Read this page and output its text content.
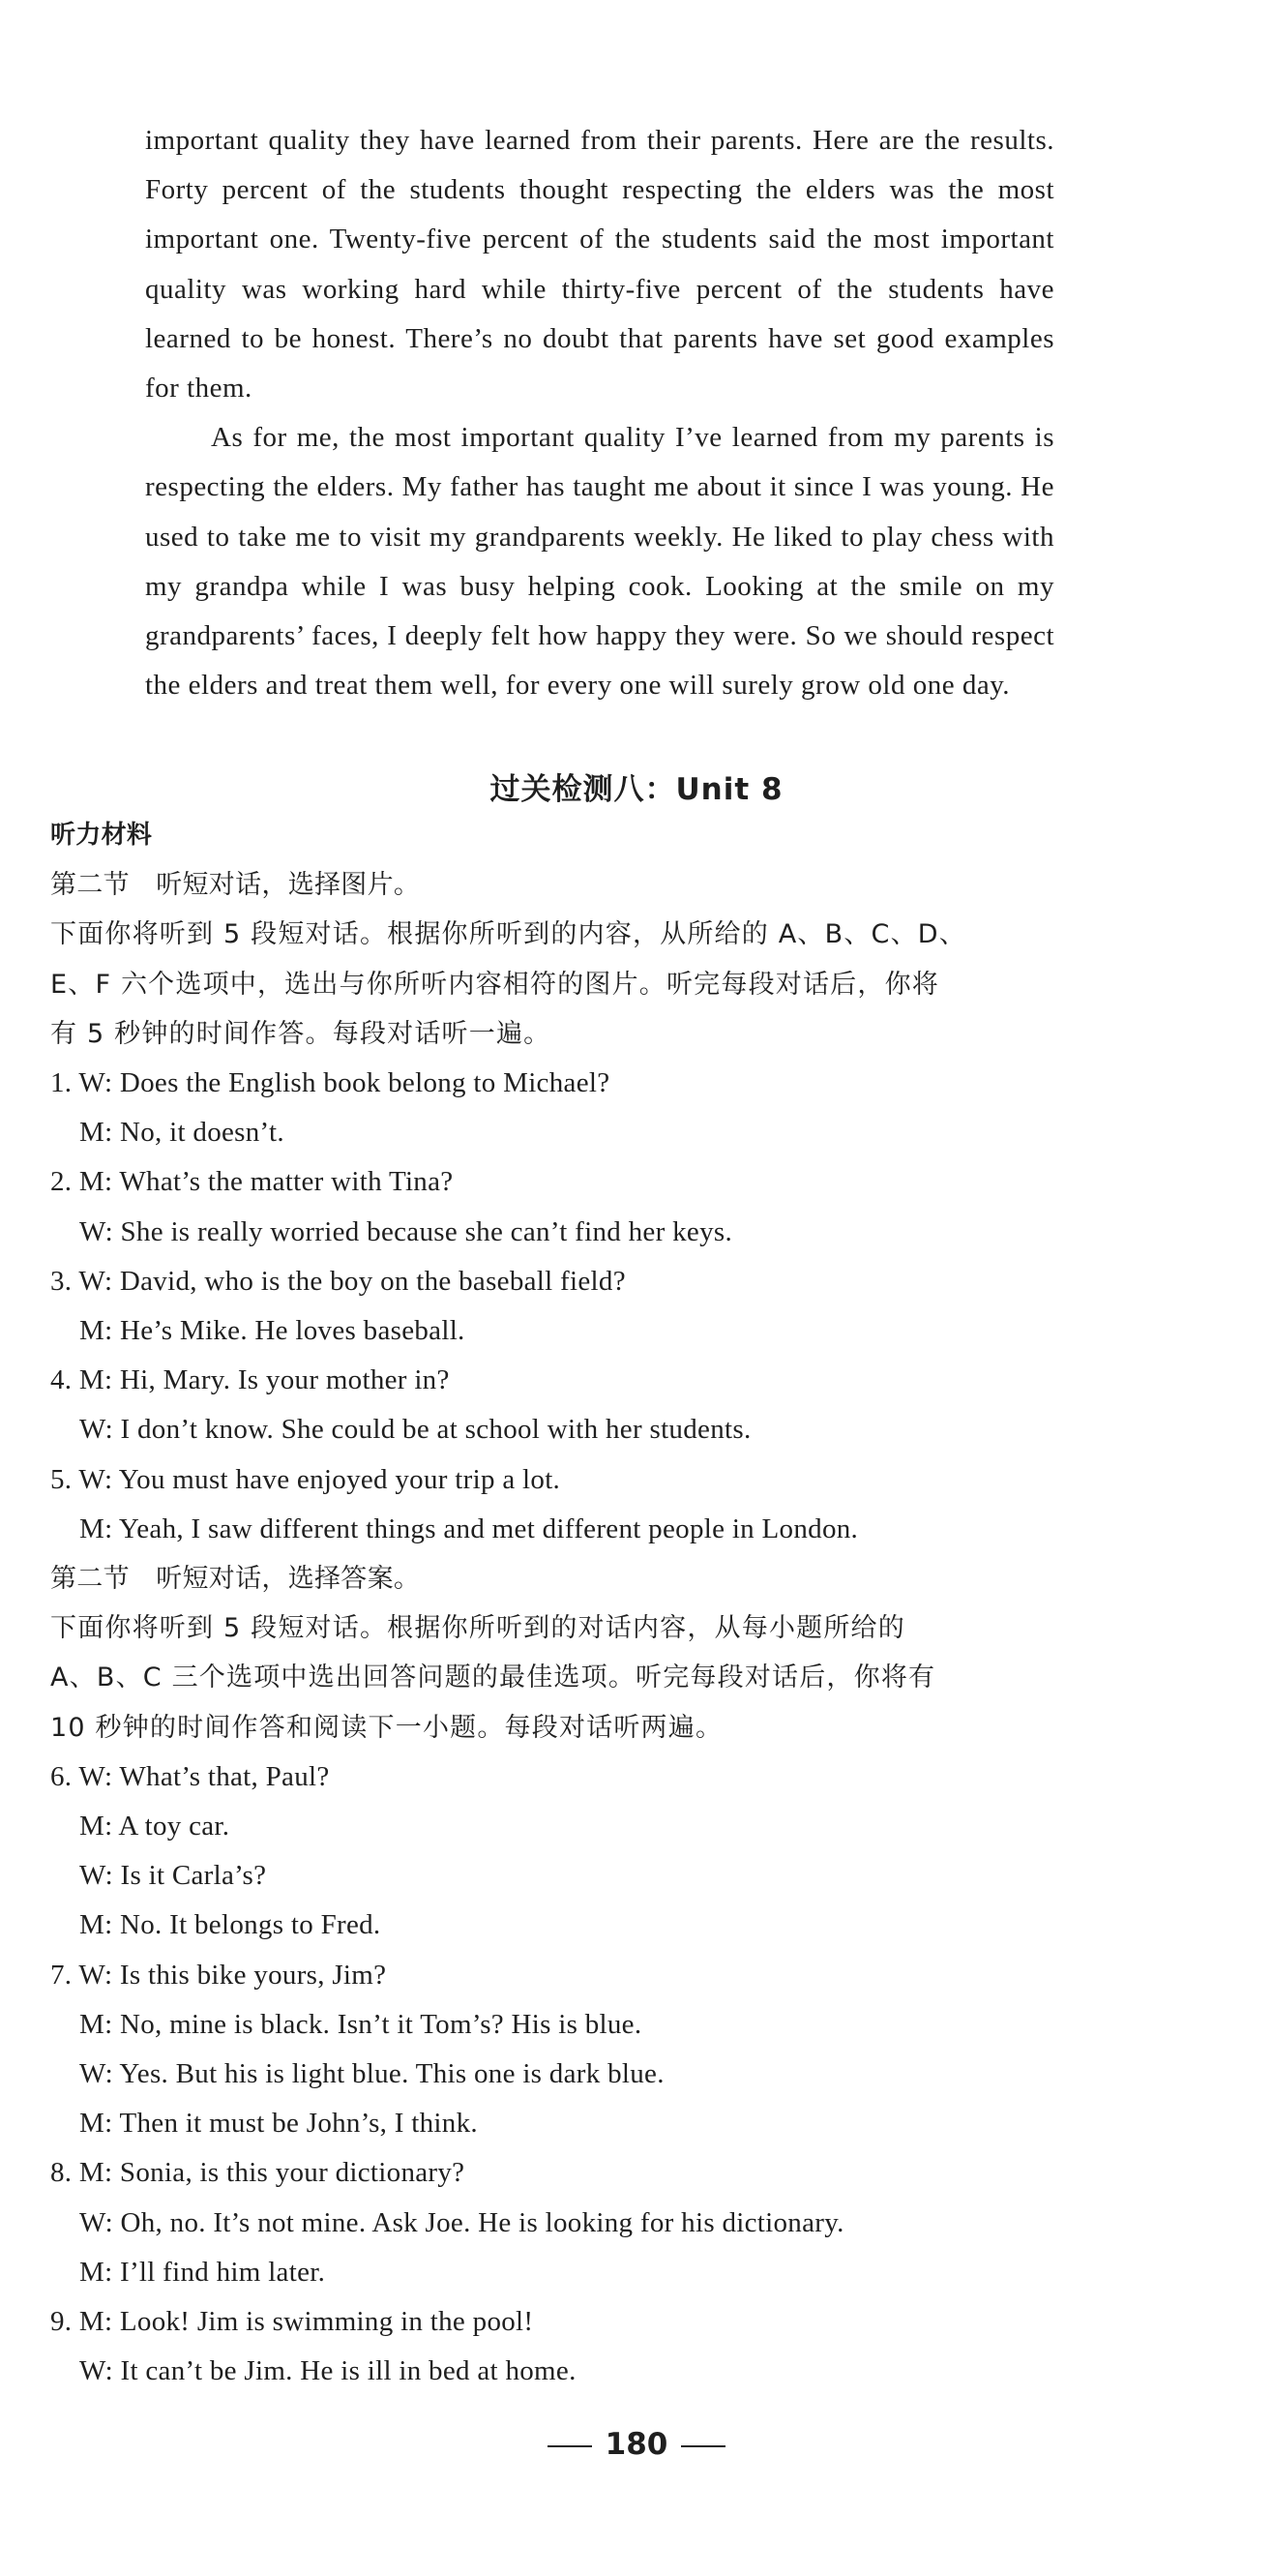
important quality they have learned from their parents. Here are the results. Forty percent of the students thought respecting the elders was the most important one. Twenty-five percent of the students said the most important quality was working hard while thirty-five percent of the students have learned to be honest. There’s no doubt that parents have set good examples for them.

As for me, the most important quality I’ve learned from my parents is respecting the elders. My father has taught me about it since I was young. He used to take me to visit my grandparents weekly. He liked to play chess with my grandpa while I was busy helping cook. Looking at the smile on my grandparents’ faces, I deeply felt how happy they were. So we should respect the elders and treat them well, for every one will surely grow old one day.

过关检测八：Unit 8
听力材料
第二节　听短对话，选择图片。
下面你将听到 5 段短对话。根据你所听到的内容，从所给的 A、B、C、D、
E、F 六个选项中，选出与你所听内容相符的图片。听完每段对话后，你将
有 5 秒钟的时间作答。每段对话听一遍。
1. W: Does the English book belong to Michael?
M: No, it doesn’t.
2. M: What’s the matter with Tina?
W: She is really worried because she can’t find her keys.
3. W: David, who is the boy on the baseball field?
M: He’s Mike. He loves baseball.
4. M: Hi, Mary. Is your mother in?
W: I don’t know. She could be at school with her students.
5. W: You must have enjoyed your trip a lot.
M: Yeah, I saw different things and met different people in London.
第二节　听短对话，选择答案。
下面你将听到 5 段短对话。根据你所听到的对话内容，从每小题所给的
A、B、C 三个选项中选出回答问题的最佳选项。听完每段对话后，你将有
10 秒钟的时间作答和阅读下一小题。每段对话听两遍。
6. W: What’s that, Paul?
M: A toy car.
W: Is it Carla’s?
M: No. It belongs to Fred.
7. W: Is this bike yours, Jim?
M: No, mine is black. Isn’t it Tom’s? His is blue.
W: Yes. But his is light blue. This one is dark blue.
M: Then it must be John’s, I think.
8. M: Sonia, is this your dictionary?
W: Oh, no. It’s not mine. Ask Joe. He is looking for his dictionary.
M: I’ll find him later.
9. M: Look! Jim is swimming in the pool!
W: It can’t be Jim. He is ill in bed at home.
180
